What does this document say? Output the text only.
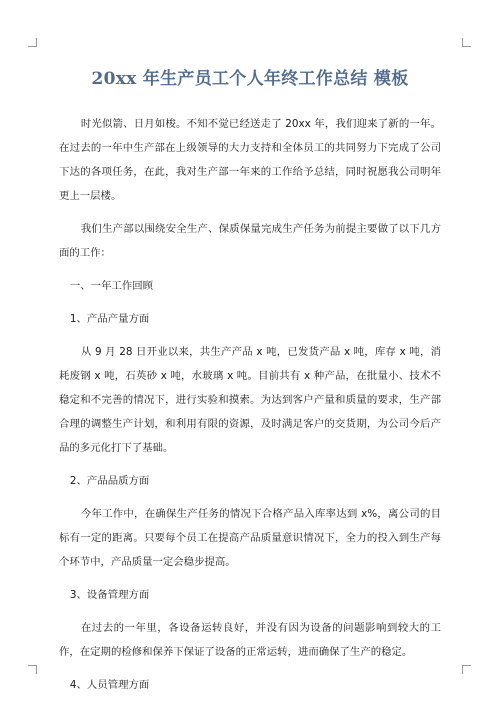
20xx 年生产员工个人年终工作总结 模板

时光似箭、日月如梭。不知不觉已经送走了 20xx 年，我们迎来了新的一年。在过去的一年中生产部在上级领导的大力支持和全体员工的共同努力下完成了公司下达的各项任务，在此，我对生产部一年来的工作给予总结，同时祝愿我公司明年更上一层楼。

我们生产部以围绕安全生产、保质保量完成生产任务为前提主要做了以下几方面的工作：

一、一年工作回顾

1、产品产量方面

从 9 月 28 日开业以来，共生产产品 x 吨，已发货产品 x 吨，库存 x 吨，消耗废钢 x 吨，石英砂 x 吨，水玻璃 x 吨。目前共有 x 种产品，在批量小、技术不稳定和不完善的情况下，进行实验和摸索。为达到客户产量和质量的要求，生产部合理的调整生产计划，和利用有限的资源，及时满足客户的交货期，为公司今后产品的多元化打下了基础。

2、产品品质方面

今年工作中，在确保生产任务的情况下合格产品入库率达到 x%，离公司的目标有一定的距离。只要每个员工在提高产品质量意识情况下，全力的投入到生产每个环节中，产品质量一定会稳步提高。

3、设备管理方面

在过去的一年里，各设备运转良好，并没有因为设备的问题影响到较大的工作，在定期的检修和保养下保证了设备的正常运转，进而确保了生产的稳定。

4、人员管理方面
